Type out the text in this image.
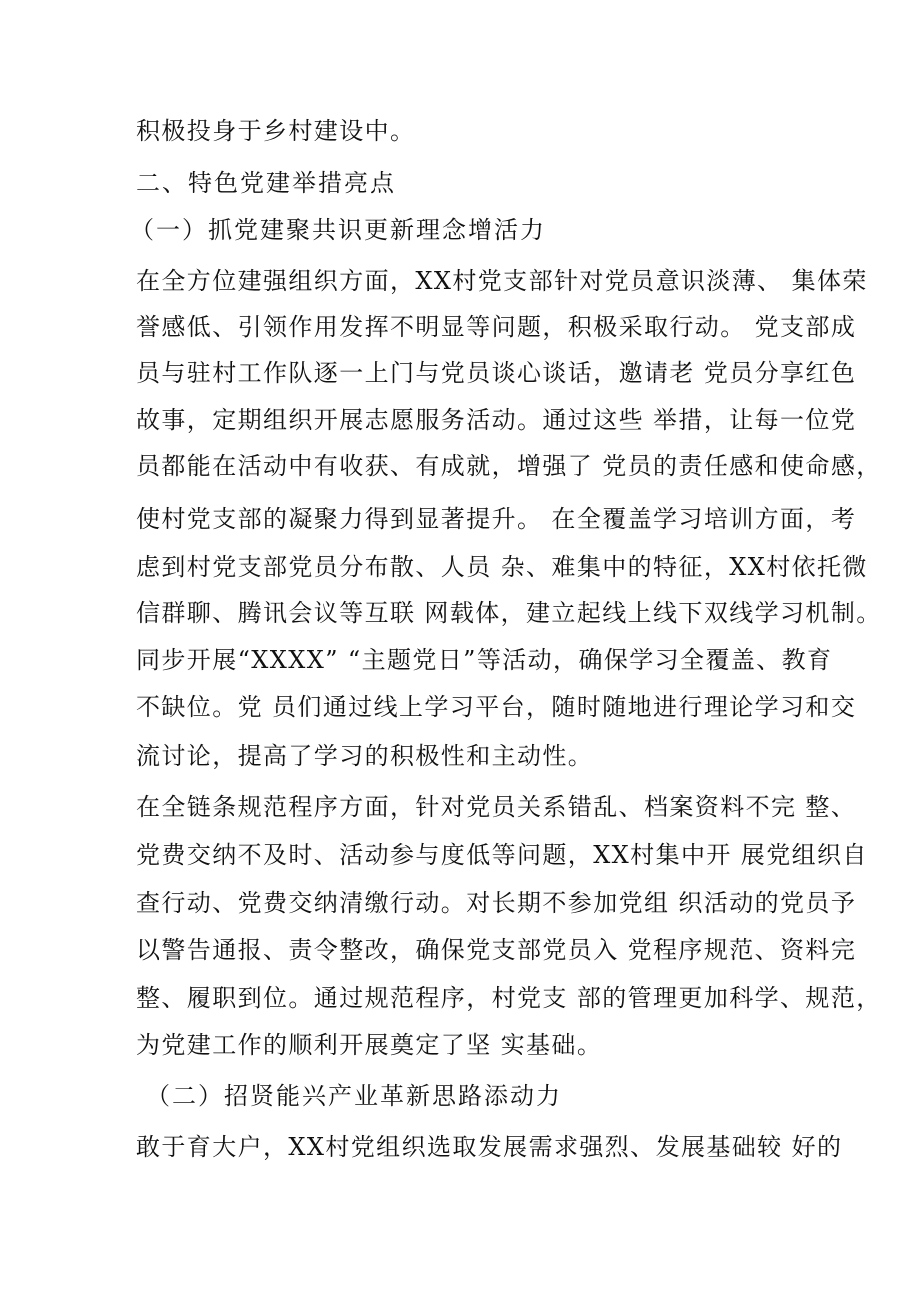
积极投身于乡村建设中。
二、特色党建举措亮点
（一）抓党建聚共识更新理念增活力
在全方位建强组织方面，XX村党支部针对党员意识淡薄、 集体荣
誉感低、引领作用发挥不明显等问题，积极采取行动。 党支部成
员与驻村工作队逐一上门与党员谈心谈话，邀请老 党员分享红色
故事，定期组织开展志愿服务活动。通过这些 举措，让每一位党
员都能在活动中有收获、有成就，增强了 党员的责任感和使命感，
使村党支部的凝聚力得到显著提升。 在全覆盖学习培训方面，考
虑到村党支部党员分布散、人员 杂、难集中的特征，XX村依托微
信群聊、腾讯会议等互联 网载体，建立起线上线下双线学习机制。
同步开展“XXXX” “主题党日”等活动，确保学习全覆盖、教育
不缺位。党 员们通过线上学习平台，随时随地进行理论学习和交
流讨论，提高了学习的积极性和主动性。
在全链条规范程序方面，针对党员关系错乱、档案资料不完 整、
党费交纳不及时、活动参与度低等问题，XX村集中开 展党组织自
查行动、党费交纳清缴行动。对长期不参加党组 织活动的党员予
以警告通报、责令整改，确保党支部党员入 党程序规范、资料完
整、履职到位。通过规范程序，村党支 部的管理更加科学、规范，
为党建工作的顺利开展奠定了坚 实基础。
（二）招贤能兴产业革新思路添动力
敢于育大户，XX村党组织选取发展需求强烈、发展基础较 好的
